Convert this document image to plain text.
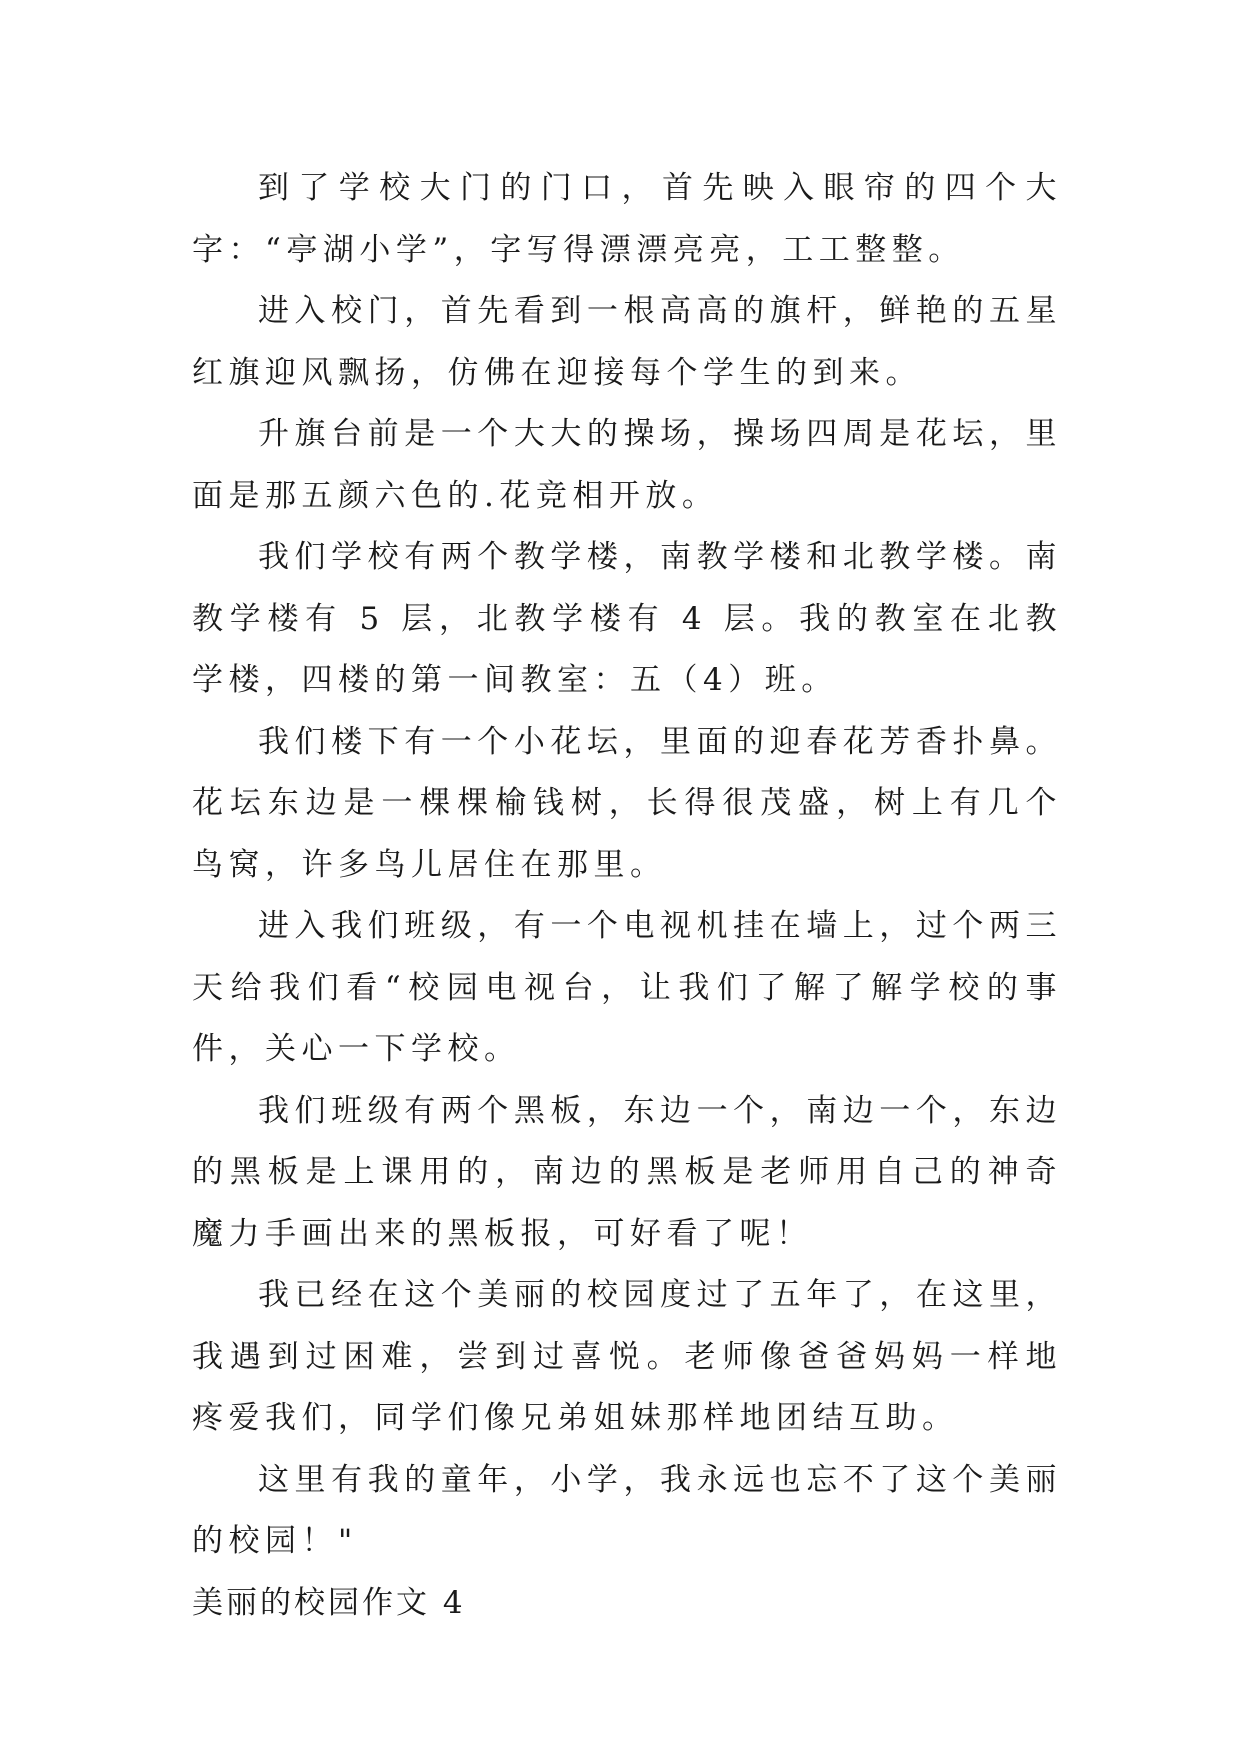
到了学校大门的门口，首先映入眼帘的四个大字：“亭湖小学”，字写得漂漂亮亮，工工整整。

进入校门，首先看到一根高高的旗杆，鲜艳的五星红旗迎风飘扬，仿佛在迎接每个学生的到来。

升旗台前是一个大大的操场，操场四周是花坛，里面是那五颜六色的.花竞相开放。

我们学校有两个教学楼，南教学楼和北教学楼。南教学楼有 5 层，北教学楼有 4 层。我的教室在北教学楼，四楼的第一间教室：五（4）班。

我们楼下有一个小花坛，里面的迎春花芳香扑鼻。花坛东边是一棵棵榆钱树，长得很茂盛，树上有几个鸟窝，许多鸟儿居住在那里。

进入我们班级，有一个电视机挂在墙上，过个两三天给我们看“校园电视台，让我们了解了解学校的事件，关心一下学校。

我们班级有两个黑板，东边一个，南边一个，东边的黑板是上课用的，南边的黑板是老师用自己的神奇魔力手画出来的黑板报，可好看了呢！

我已经在这个美丽的校园度过了五年了，在这里，我遇到过困难，尝到过喜悦。老师像爸爸妈妈一样地疼爱我们，同学们像兄弟姐妹那样地团结互助。

这里有我的童年，小学，我永远也忘不了这个美丽的校园！"

美丽的校园作文 4
